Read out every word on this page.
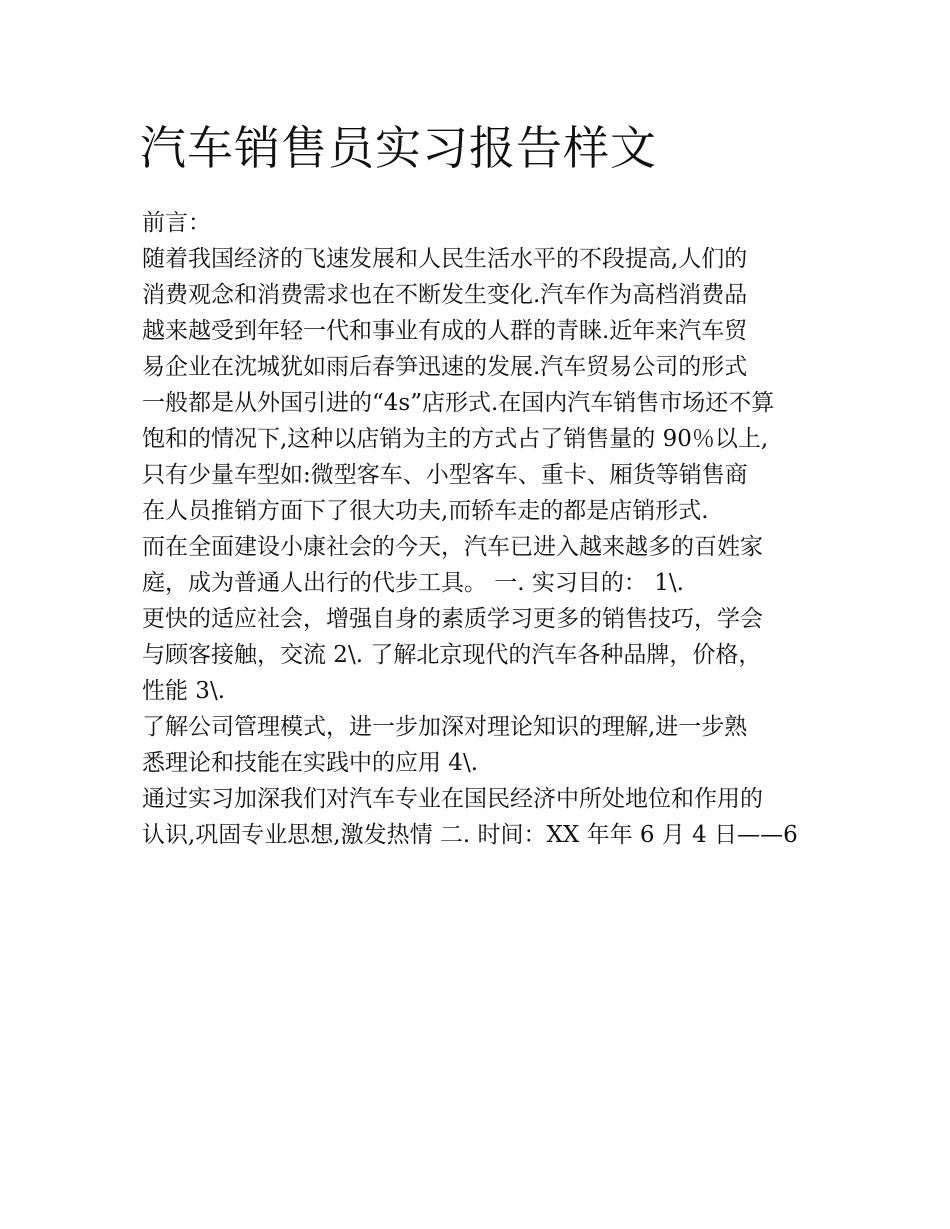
汽车销售员实习报告样文
前言：
随着我国经济的飞速发展和人民生活水平的不段提高,人们的
消费观念和消费需求也在不断发生变化.汽车作为高档消费品
越来越受到年轻一代和事业有成的人群的青睐.近年来汽车贸
易企业在沈城犹如雨后春笋迅速的发展.汽车贸易公司的形式
一般都是从外国引进的“4s”店形式.在国内汽车销售市场还不算
饱和的情况下,这种以店销为主的方式占了销售量的 90％以上,
只有少量车型如:微型客车、小型客车、重卡、厢货等销售商
在人员推销方面下了很大功夫,而轿车走的都是店销形式.
而在全面建设小康社会的今天，汽车已进入越来越多的百姓家
庭，成为普通人出行的代步工具。 一. 实习目的： 1\.
更快的适应社会，增强自身的素质学习更多的销售技巧，学会
与顾客接触，交流 2\. 了解北京现代的汽车各种品牌，价格，
性能 3\.
了解公司管理模式，进一步加深对理论知识的理解,进一步熟
悉理论和技能在实践中的应用 4\.
通过实习加深我们对汽车专业在国民经济中所处地位和作用的
认识,巩固专业思想,激发热情 二. 时间：XX 年年 6 月 4 日——6
